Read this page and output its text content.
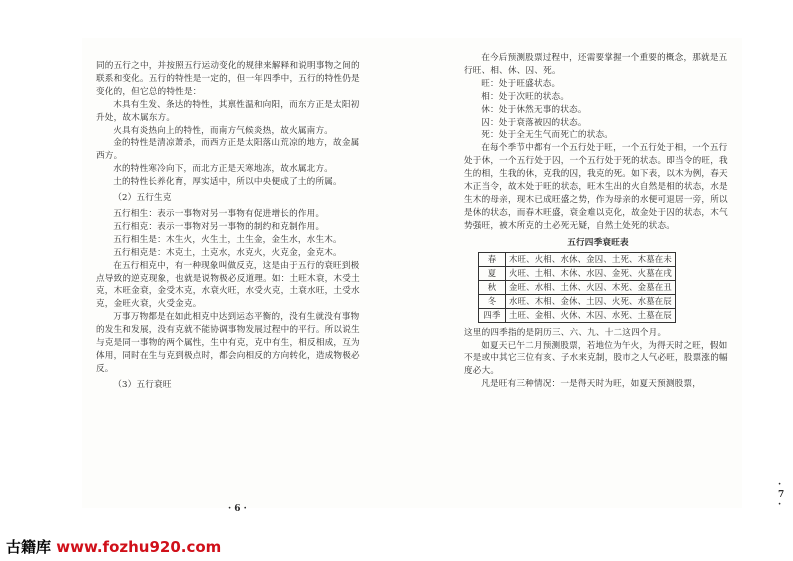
同的五行之中，并按照五行运动变化的规律来解释和说明事物之间的联系和变化。五行的特性是一定的，但一年四季中，五行的特性仍是变化的，但它总的特性是：

木具有生发、条达的特性，其禀性温和向阳，而东方正是太阳初升处，故木属东方。

火具有炎热向上的特性，而南方气候炎热，故火属南方。

金的特性是清凉萧杀，而西方正是太阳落山荒凉的地方，故金属西方。

水的特性寒冷向下，而北方正是天寒地冻，故水属北方。

土的特性长养化育，厚实适中，所以中央便成了土的所属。

（2）五行生克

五行相生：表示一事物对另一事物有促进增长的作用。

五行相克：表示一事物对另一事物的制约和克制作用。

五行相生是：木生火，火生土，土生金，金生水，水生木。

五行相克是：木克土，土克水，水克火，火克金，金克木。

在五行相克中，有一种现象叫做反克，这是由于五行的衰旺到极点导致的逆克现象，也就是说物极必反道理。如：土旺木衰，木受土克，木旺金衰，金受木克，水衰火旺，水受火克，土衰水旺，土受水克，金旺火衰，火受金克。

万事万物都是在如此相克中达到运态平衡的，没有生就没有事物的发生和发展，没有克就不能协调事物发展过程中的平行。所以说生与克是同一事物的两个属性，生中有克，克中有生，相反相成，互为体用，同时在生与克到极点时，都会向相反的方向转化，造成物极必反。

（3）五行衰旺

在今后预测股票过程中，还需要掌握一个重要的概念，那就是五行旺、相、休、囚、死。

旺：处于旺盛状态。

相：处于次旺的状态。

休：处于休然无事的状态。

囚：处于衰落被囚的状态。

死：处于全无生气而死亡的状态。

在每个季节中都有一个五行处于旺，一个五行处于相，一个五行处于休，一个五行处于囚，一个五行处于死的状态。即当令的旺，我生的相，生我的休，克我的囚，我克的死。如下表，以木为例，春天木正当令，故木处于旺的状态，旺木生出的火自然是相的状态，水是生木的母亲，现木已成旺盛之势，作为母亲的水便可退居一旁，所以是休的状态，而春木旺盛，衰金难以克化，故金处于囚的状态，木气势强旺，被木所克的土必死无疑，自然土处死的状态。

五行四季衰旺表

春	木旺、火相、水休、金囚、土死、木墓在未
夏	火旺、土相、木休、水囚、金死、火墓在戌
秋	金旺、水相、土休、火囚、木死、金墓在丑
冬	水旺、木相、金休、土囚、火死、水墓在辰
四季	土旺、金相、火休、木囚、水死、土墓在辰

这里的四季指的是阴历三、六、九、十二这四个月。

如夏天已午二月预测股票，若地位为午火，为得天时之旺，假如不是或中其它三位有亥、子水来克制，股市之人气必旺，股票涨的幅度必大。

凡是旺有三种情况：一是得天时为旺，如夏天预测股票，

· 6 ·
· 7 ·
古籍库 www.fozhu920.com
